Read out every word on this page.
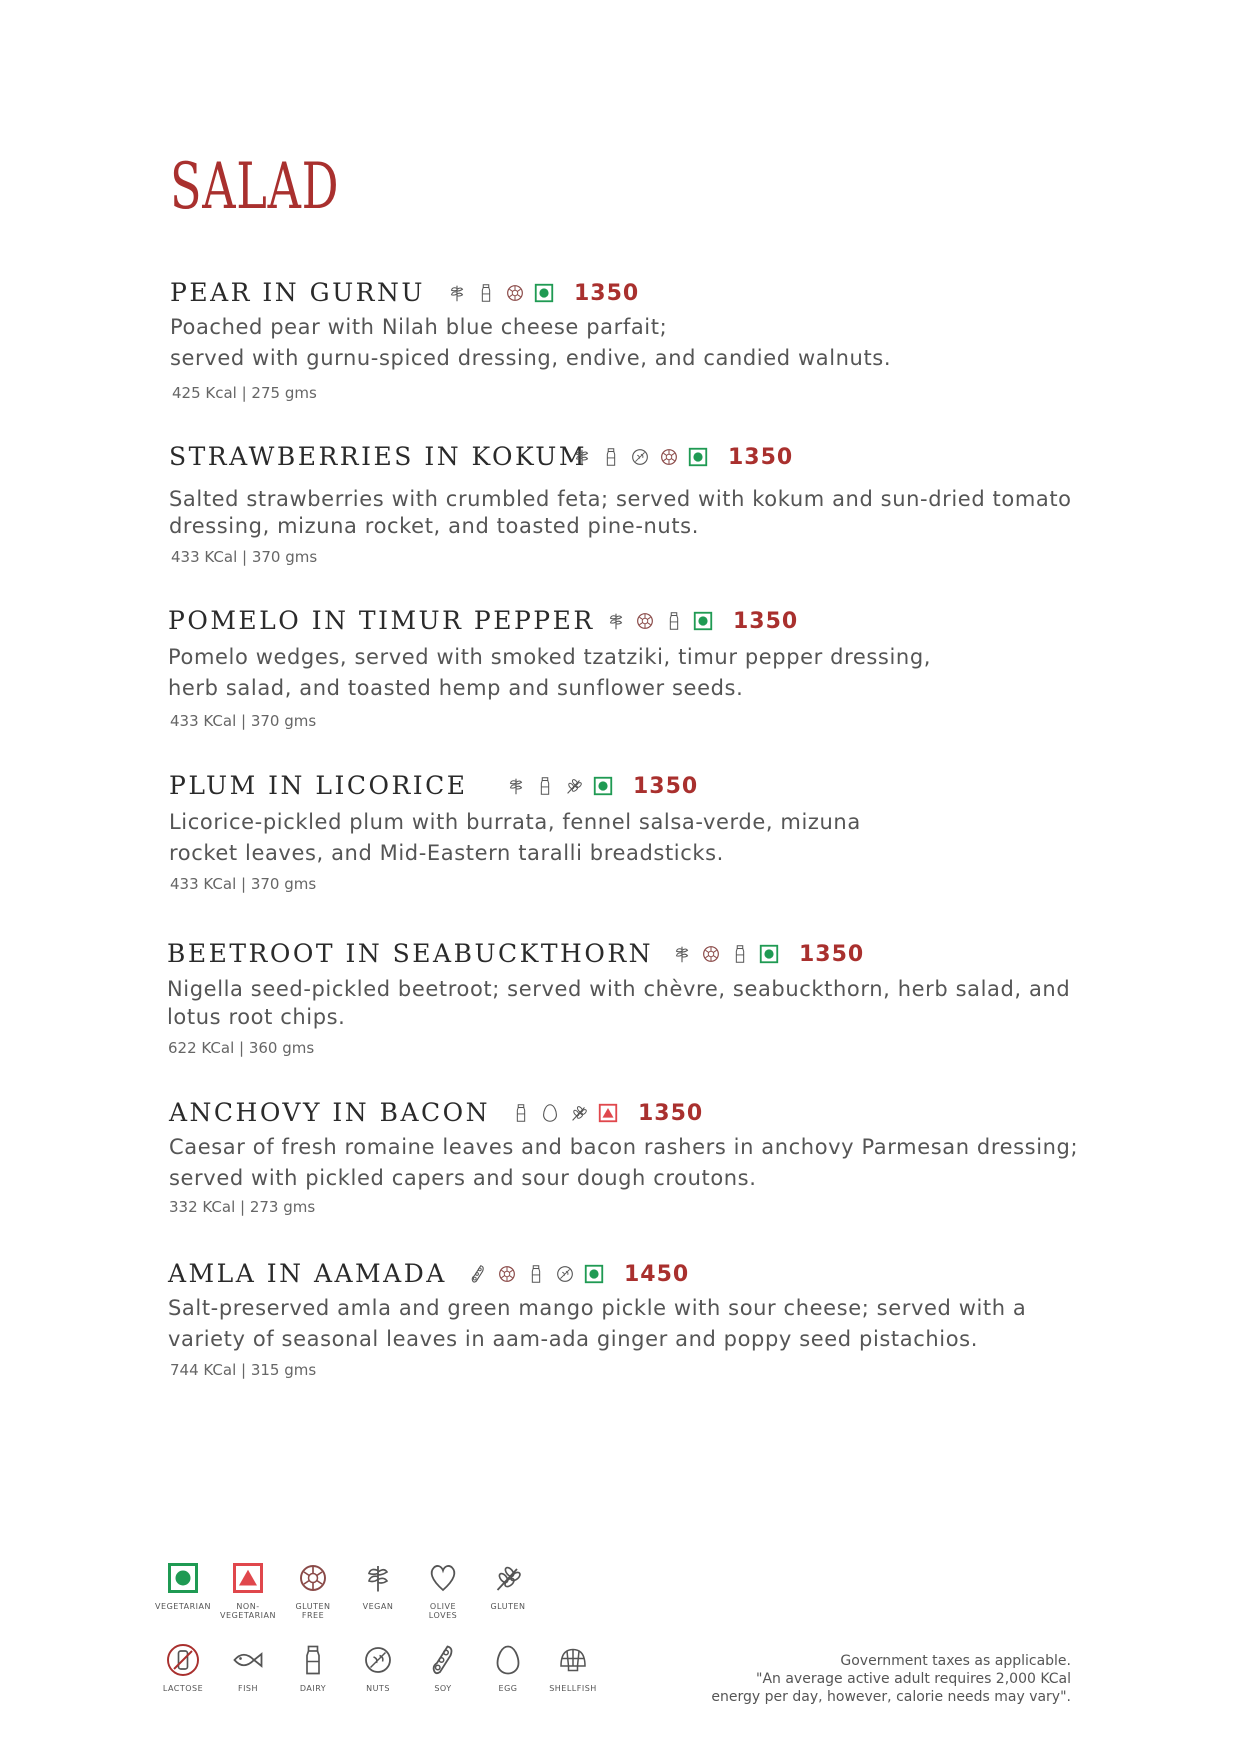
SALAD
PEAR IN GURNU	1350
Poached pear with Nilah blue cheese parfait;
served with gurnu-spiced dressing, endive, and candied walnuts.
425 Kcal | 275 gms
STRAWBERRIES IN KOKUM	1350
Salted strawberries with crumbled feta; served with kokum and sun-dried tomato
dressing, mizuna rocket, and toasted pine-nuts.
433 KCal | 370 gms
POMELO IN TIMUR PEPPER	1350
Pomelo wedges, served with smoked tzatziki, timur pepper dressing,
herb salad, and toasted hemp and sunflower seeds.
433 KCal | 370 gms
PLUM IN LICORICE	1350
Licorice-pickled plum with burrata, fennel salsa-verde, mizuna
rocket leaves, and Mid-Eastern taralli breadsticks.
433 KCal | 370 gms
BEETROOT IN SEABUCKTHORN	1350
Nigella seed-pickled beetroot; served with chèvre, seabuckthorn, herb salad, and
lotus root chips.
622 KCal | 360 gms
ANCHOVY IN BACON	1350
Caesar of fresh romaine leaves and bacon rashers in anchovy Parmesan dressing;
served with pickled capers and sour dough croutons.
332 KCal | 273 gms
AMLA IN AAMADA	1450
Salt-preserved amla and green mango pickle with sour cheese; served with a
variety of seasonal leaves in aam-ada ginger and poppy seed pistachios.
744 KCal | 315 gms
VEGETARIAN	NON-
VEGETARIAN
GLUTEN
FREE
VEGAN	OLIVE
LOVES
GLUTEN
LACTOSE	FISH	DAIRY	NUTS	SOY	EGG	SHELLFISH
Government taxes as applicable.
"An average active adult requires 2,000 KCal
energy per day, however, calorie needs may vary".
